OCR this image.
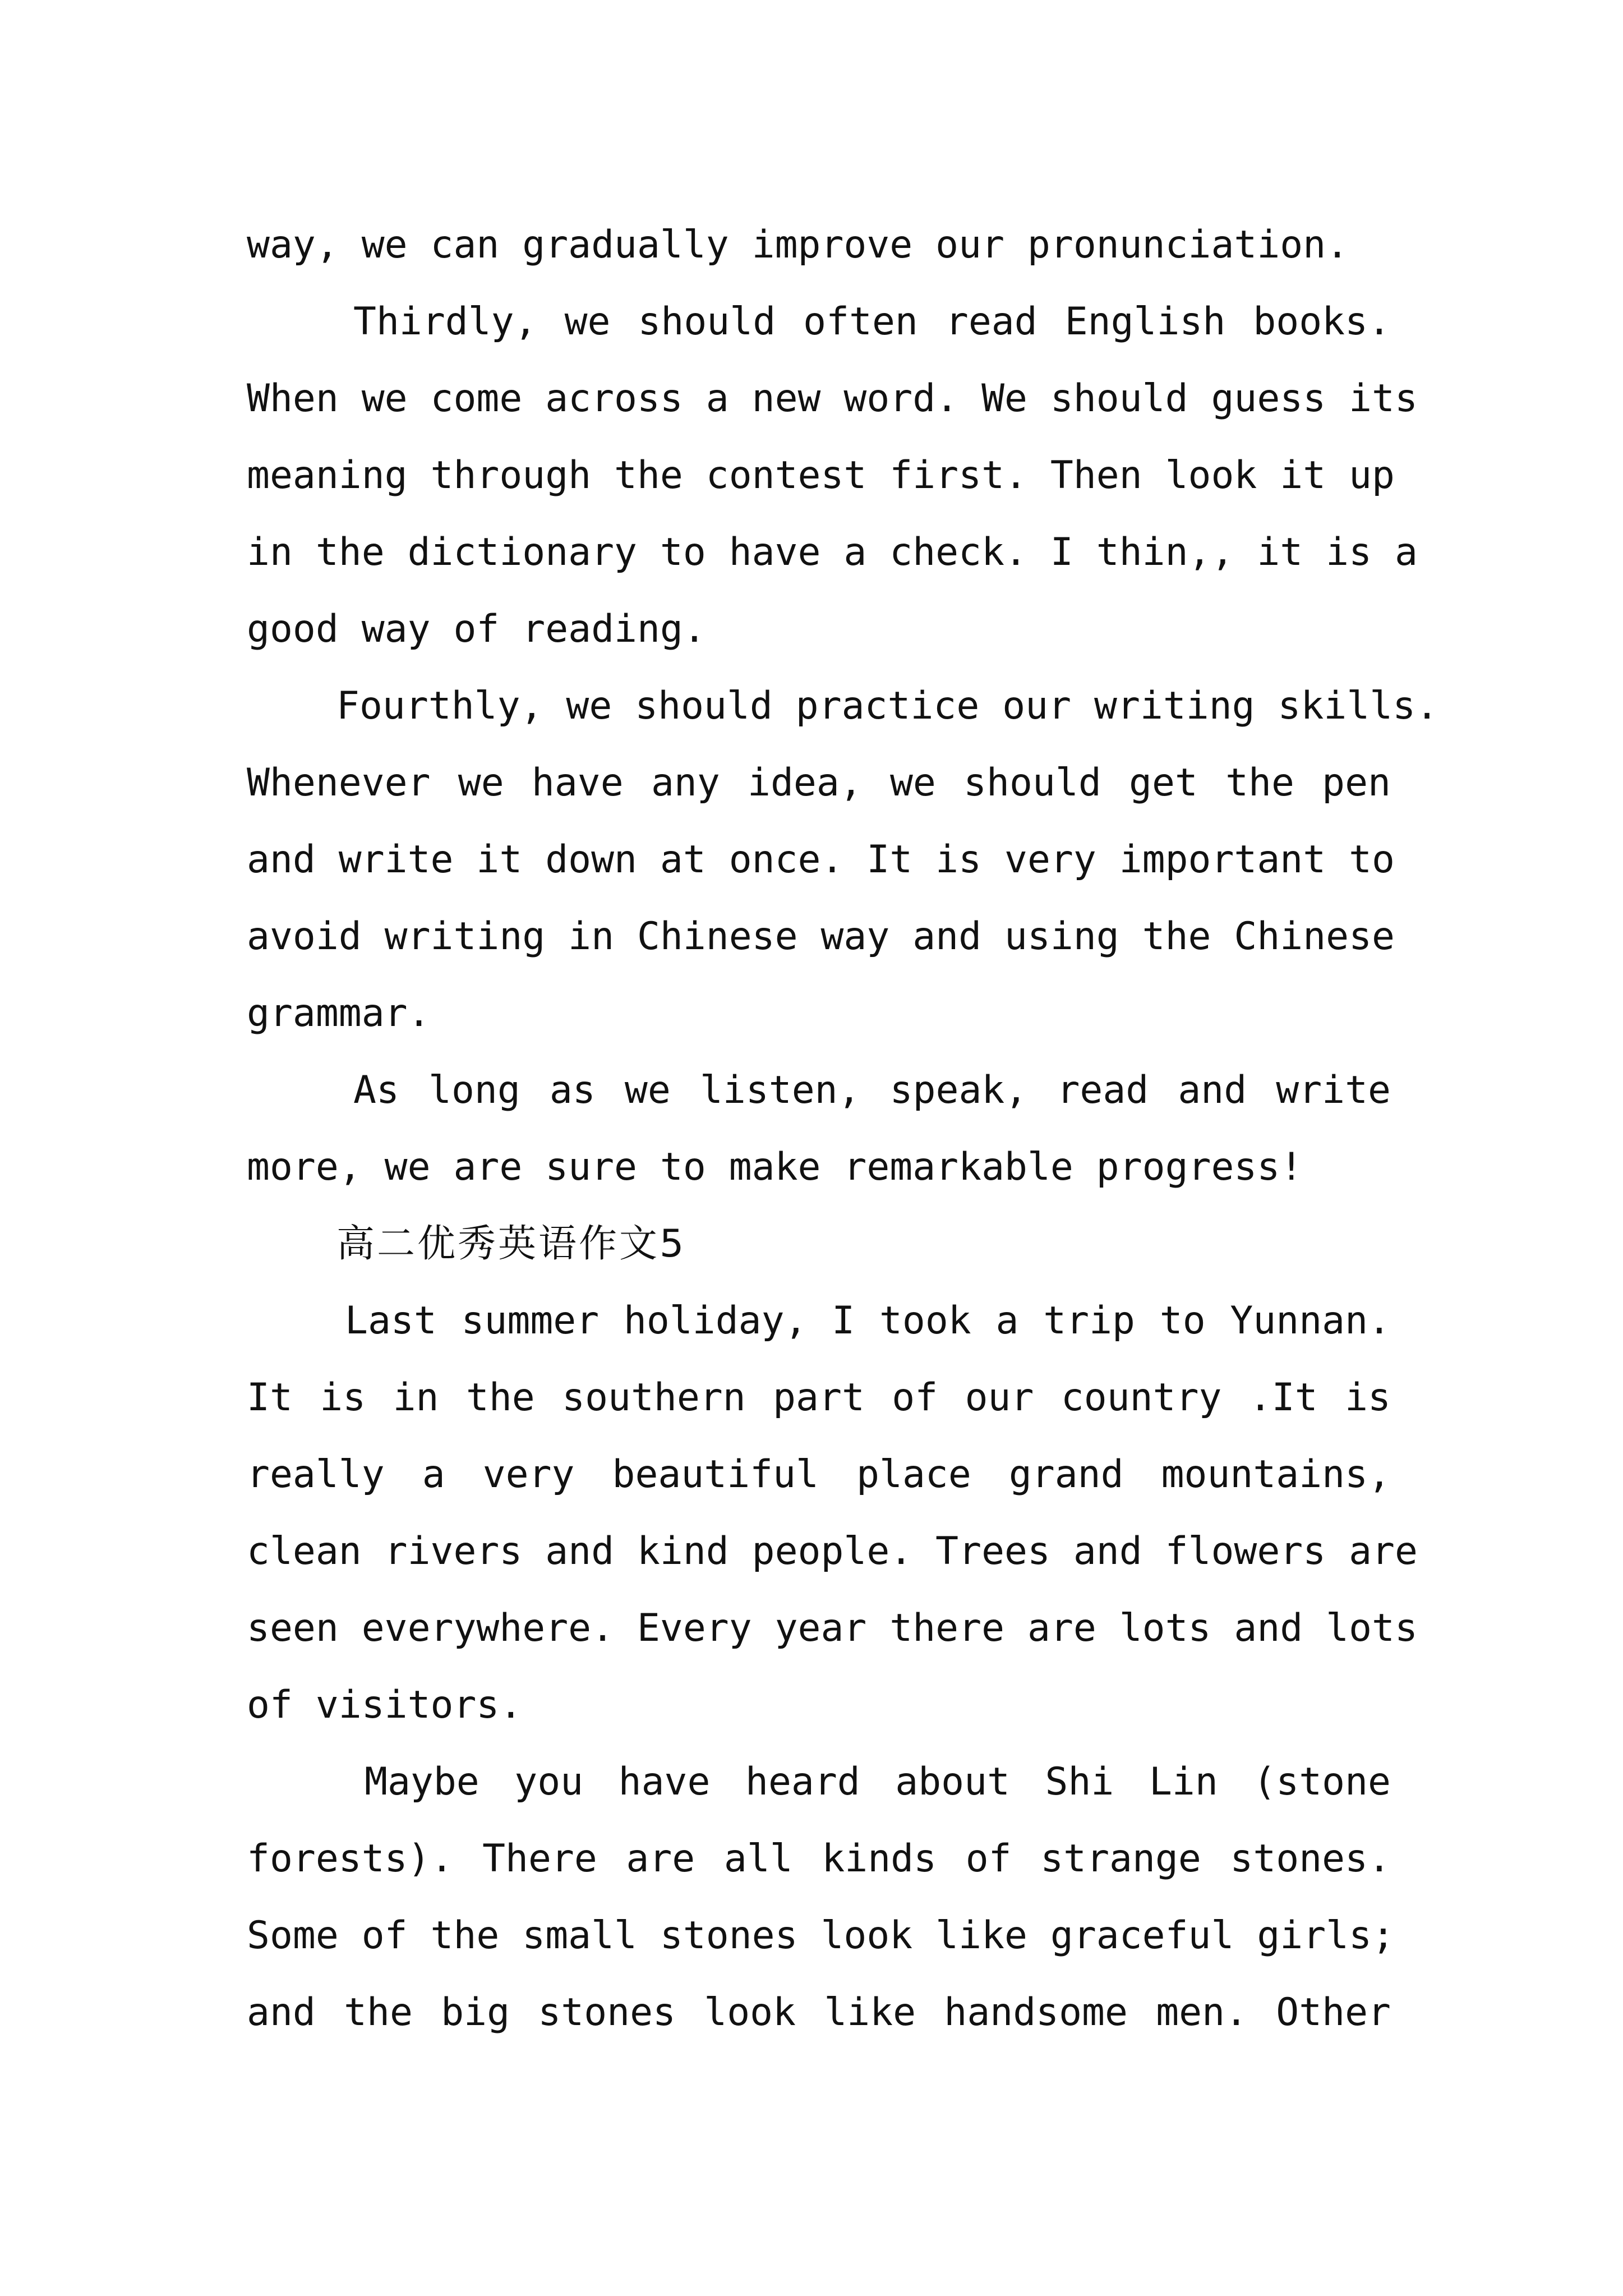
way, we can gradually improve our pronunciation.
Thirdly, we should often read English books.
When we come across a new word. We should guess its
meaning through the contest first. Then look it up
in the dictionary to have a check. I thin,, it is a
good way of reading.
Fourthly, we should practice our writing skills.
Whenever we have any idea, we should get the pen
and write it down at once. It is very important to
avoid writing in Chinese way and using the Chinese
grammar.
As long as we listen, speak, read and write
more, we are sure to make remarkable progress!
高二优秀英语作文5
Last summer holiday, I took a trip to Yunnan.
It is in the southern part of our country .It is
really a very beautiful place grand mountains,
clean rivers and kind people. Trees and flowers are
seen everywhere. Every year there are lots and lots
of visitors.
Maybe you have heard about Shi Lin (stone
forests). There are all kinds of strange stones.
Some of the small stones look like graceful girls;
and the big stones look like handsome men. Other
